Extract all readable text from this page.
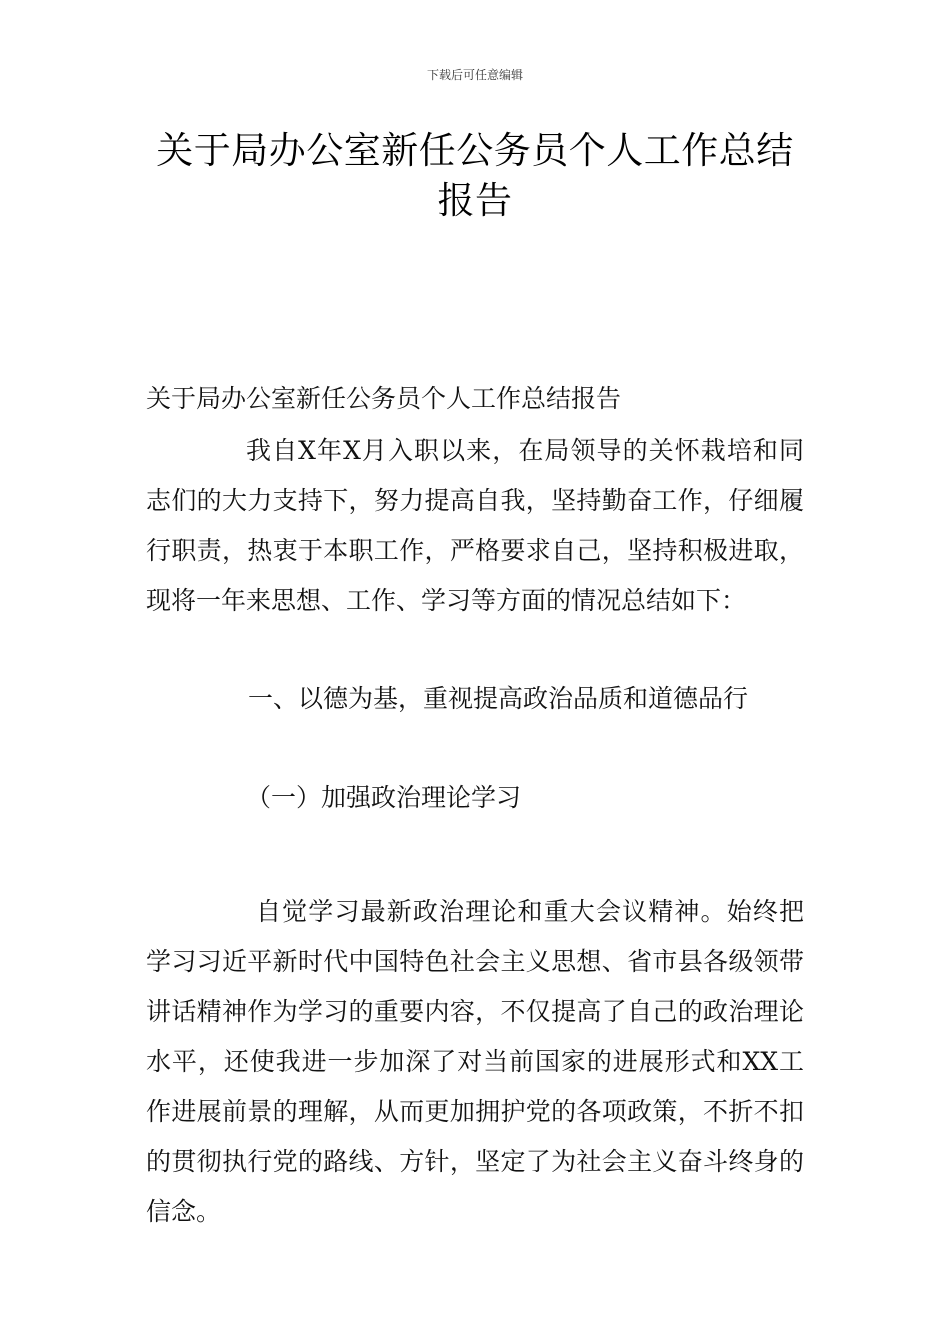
下载后可任意编辑
关于局办公室新任公务员个人工作总结报告
关于局办公室新任公务员个人工作总结报告
我自X年X月入职以来，在局领导的关怀栽培和同志们的大力支持下，努力提高自我，坚持勤奋工作，仔细履行职责，热衷于本职工作，严格要求自己，坚持积极进取，现将一年来思想、工作、学习等方面的情况总结如下：
一、以德为基，重视提高政治品质和道德品行
（一）加强政治理论学习
自觉学习最新政治理论和重大会议精神。始终把学习习近平新时代中国特色社会主义思想、省市县各级领带讲话精神作为学习的重要内容，不仅提高了自己的政治理论水平，还使我进一步加深了对当前国家的进展形式和XX工作进展前景的理解，从而更加拥护党的各项政策，不折不扣的贯彻执行党的路线、方针，坚定了为社会主义奋斗终身的信念。
